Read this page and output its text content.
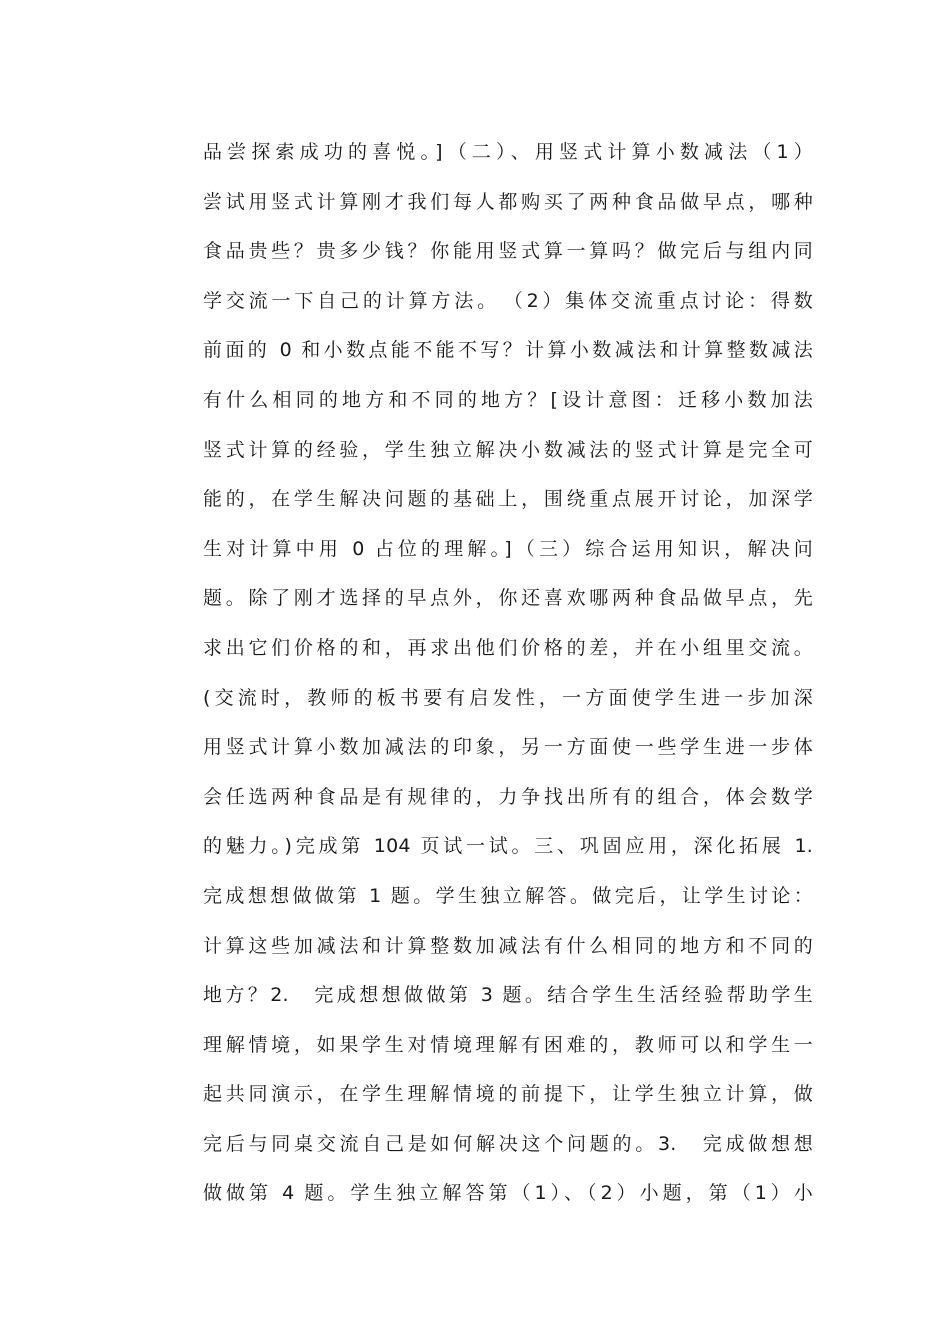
品尝探索成功的喜悦。]（二）、用竖式计算小数减法（1）
尝试用竖式计算刚才我们每人都购买了两种食品做早点，哪种
食品贵些？贵多少钱？你能用竖式算一算吗？做完后与组内同
学交流一下自己的计算方法。　（2）集体交流重点讨论：得数
前面的 0 和小数点能不能不写？计算小数减法和计算整数减法
有什么相同的地方和不同的地方？[设计意图：迁移小数加法
竖式计算的经验，学生独立解决小数减法的竖式计算是完全可
能的，在学生解决问题的基础上，围绕重点展开讨论，加深学
生对计算中用 0 占位的理解。]（三）综合运用知识，解决问
题。除了刚才选择的早点外，你还喜欢哪两种食品做早点，先
求出它们价格的和，再求出他们价格的差，并在小组里交流。
(交流时，教师的板书要有启发性，一方面使学生进一步加深
用竖式计算小数加减法的印象，另一方面使一些学生进一步体
会任选两种食品是有规律的，力争找出所有的组合，体会数学
的魅力。)完成第 104 页试一试。三、巩固应用，深化拓展 1.
完成想想做做第 1 题。学生独立解答。做完后，让学生讨论：
计算这些加减法和计算整数加减法有什么相同的地方和不同的
地方？2.　完成想想做做第 3 题。结合学生生活经验帮助学生
理解情境，如果学生对情境理解有困难的，教师可以和学生一
起共同演示，在学生理解情境的前提下，让学生独立计算，做
完后与同桌交流自己是如何解决这个问题的。3.　完成做想想
做做第 4 题。学生独立解答第（1）、（2）小题，第（1）小
